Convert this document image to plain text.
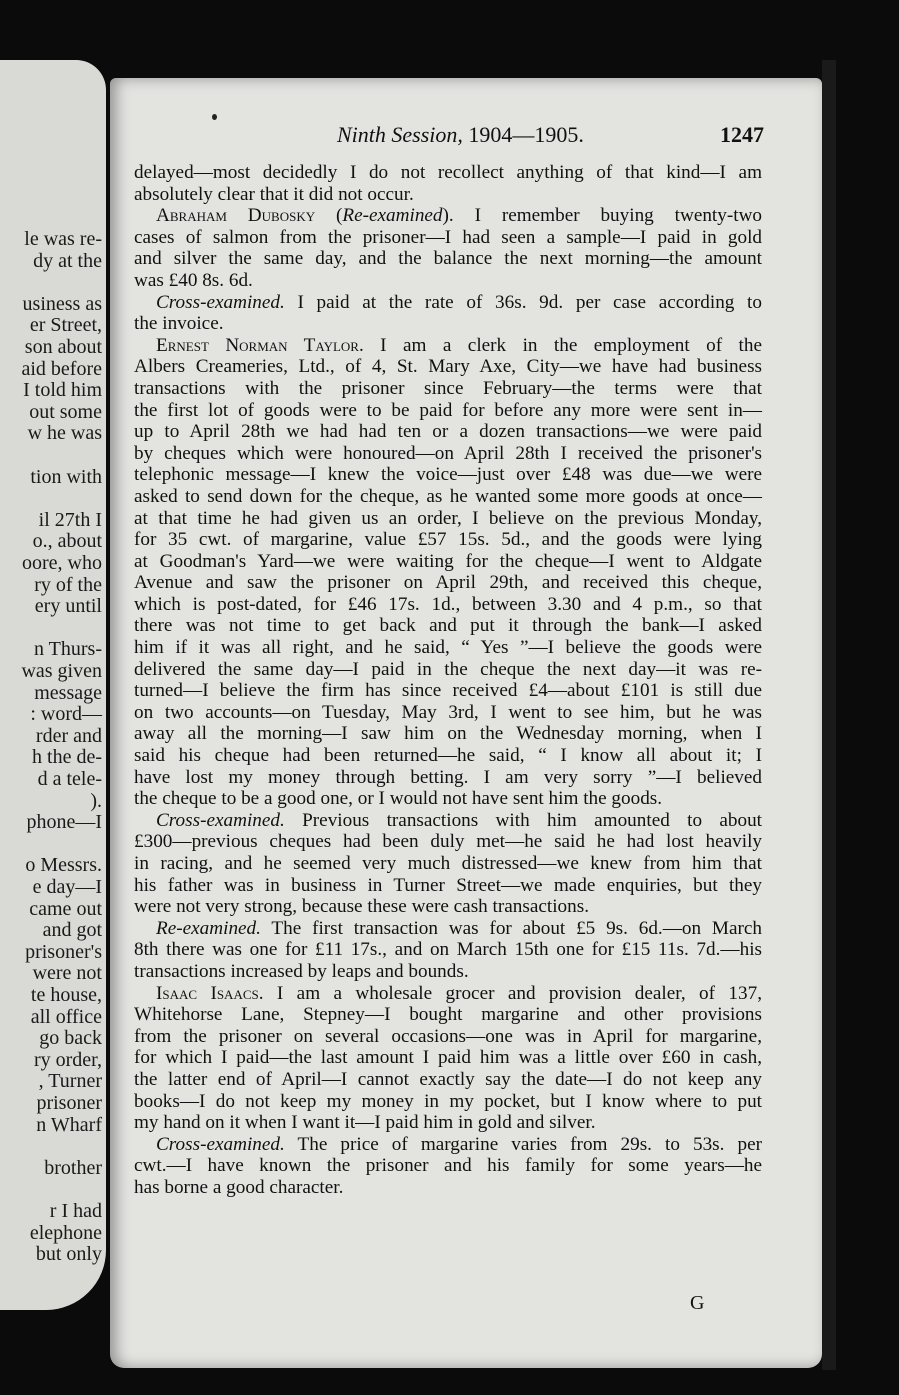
le was re-
dy at the
usiness as
er Street,
son about
aid before
I told him
out some
w he was
tion with
il 27th I
o., about
oore, who
ry of the
ery until
n Thurs-
was given
message
: word—
rder and
h the de-
d a tele-
).
phone—I
o Messrs.
e day—I
came out
and got
prisoner's
were not
te house,
all office
go back
ry order,
, Turner
prisoner
n Wharf
brother
r I had
elephone
but only
Ninth Session, 1904—1905.	1247
delayed—most decidedly I do not recollect anything of that kind—I am
absolutely clear that it did not occur.
Abraham Dubosky (Re-examined). I remember buying twenty-two
cases of salmon from the prisoner—I had seen a sample—I paid in gold
and silver the same day, and the balance the next morning—the amount
was £40 8s. 6d.
Cross-examined. I paid at the rate of 36s. 9d. per case according to
the invoice.
Ernest Norman Taylor. I am a clerk in the employment of the
Albers Creameries, Ltd., of 4, St. Mary Axe, City—we have had business
transactions with the prisoner since February—the terms were that
the first lot of goods were to be paid for before any more were sent in—
up to April 28th we had had ten or a dozen transactions—we were paid
by cheques which were honoured—on April 28th I received the prisoner's
telephonic message—I knew the voice—just over £48 was due—we were
asked to send down for the cheque, as he wanted some more goods at once—
at that time he had given us an order, I believe on the previous Monday,
for 35 cwt. of margarine, value £57 15s. 5d., and the goods were lying
at Goodman's Yard—we were waiting for the cheque—I went to Aldgate
Avenue and saw the prisoner on April 29th, and received this cheque,
which is post-dated, for £46 17s. 1d., between 3.30 and 4 p.m., so that
there was not time to get back and put it through the bank—I asked
him if it was all right, and he said, “ Yes ”—I believe the goods were
delivered the same day—I paid in the cheque the next day—it was re-
turned—I believe the firm has since received £4—about £101 is still due
on two accounts—on Tuesday, May 3rd, I went to see him, but he was
away all the morning—I saw him on the Wednesday morning, when I
said his cheque had been returned—he said, “ I know all about it; I
have lost my money through betting. I am very sorry ”—I believed
the cheque to be a good one, or I would not have sent him the goods.
Cross-examined. Previous transactions with him amounted to about
£300—previous cheques had been duly met—he said he had lost heavily
in racing, and he seemed very much distressed—we knew from him that
his father was in business in Turner Street—we made enquiries, but they
were not very strong, because these were cash transactions.
Re-examined. The first transaction was for about £5 9s. 6d.—on March
8th there was one for £11 17s., and on March 15th one for £15 11s. 7d.—his
transactions increased by leaps and bounds.
Isaac Isaacs. I am a wholesale grocer and provision dealer, of 137,
Whitehorse Lane, Stepney—I bought margarine and other provisions
from the prisoner on several occasions—one was in April for margarine,
for which I paid—the last amount I paid him was a little over £60 in cash,
the latter end of April—I cannot exactly say the date—I do not keep any
books—I do not keep my money in my pocket, but I know where to put
my hand on it when I want it—I paid him in gold and silver.
Cross-examined. The price of margarine varies from 29s. to 53s. per
cwt.—I have known the prisoner and his family for some years—he
has borne a good character.
G
